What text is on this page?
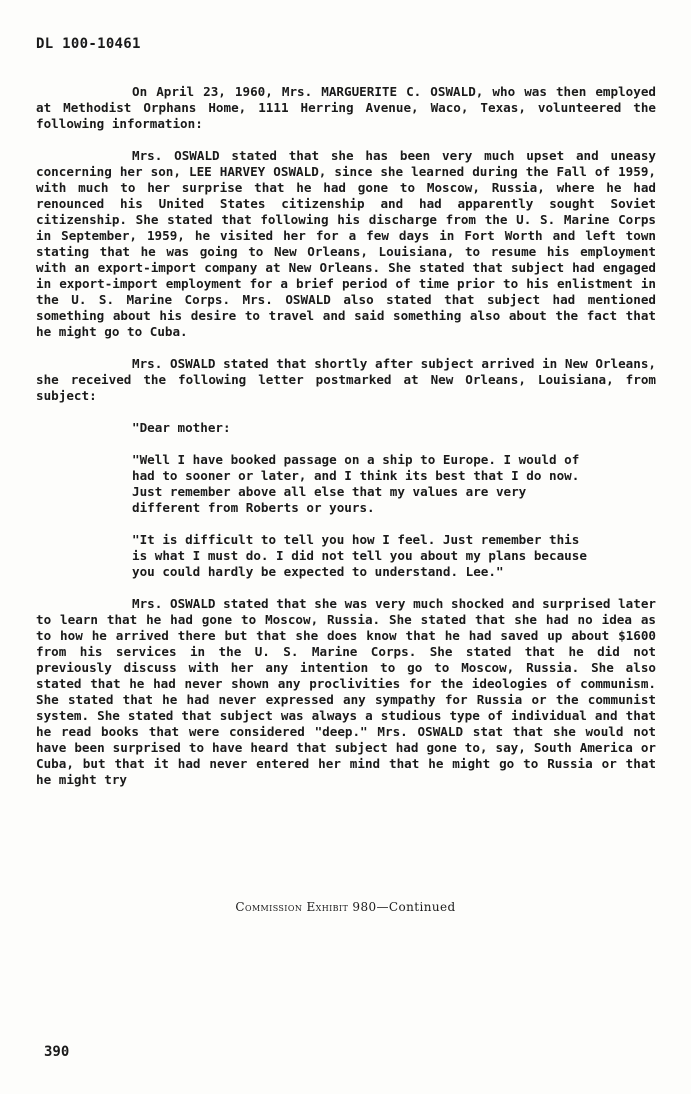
DL 100-10461

On April 23, 1960, Mrs. MARGUERITE C. OSWALD, who was then employed at Methodist Orphans Home, 1111 Herring Avenue, Waco, Texas, volunteered the following information:

Mrs. OSWALD stated that she has been very much upset and uneasy concerning her son, LEE HARVEY OSWALD, since she learned during the Fall of 1959, with much to her surprise that he had gone to Moscow, Russia, where he had renounced his United States citizenship and had apparently sought Soviet citizenship. She stated that following his discharge from the U. S. Marine Corps in September, 1959, he visited her for a few days in Fort Worth and left town stating that he was going to New Orleans, Louisiana, to resume his employment with an export-import company at New Orleans. She stated that subject had engaged in export-import employment for a brief period of time prior to his enlistment in the U. S. Marine Corps. Mrs. OSWALD also stated that subject had mentioned something about his desire to travel and said something also about the fact that he might go to Cuba.

Mrs. OSWALD stated that shortly after subject arrived in New Orleans, she received the following letter postmarked at New Orleans, Louisiana, from subject:

"Dear mother:

"Well I have booked passage on a ship to Europe. I would of had to sooner or later, and I think its best that I do now. Just remember above all else that my values are very different from Roberts or yours.

"It is difficult to tell you how I feel. Just remember this is what I must do. I did not tell you about my plans because you could hardly be expected to understand. Lee."

Mrs. OSWALD stated that she was very much shocked and surprised later to learn that he had gone to Moscow, Russia. She stated that she had no idea as to how he arrived there but that she does know that he had saved up about $1600 from his services in the U. S. Marine Corps. She stated that he did not previously discuss with her any intention to go to Moscow, Russia. She also stated that he had never shown any proclivities for the ideologies of communism. She stated that he had never expressed any sympathy for Russia or the communist system. She stated that subject was always a studious type of individual and that he read books that were considered "deep." Mrs. OSWALD stat that she would not have been surprised to have heard that subject had gone to, say, South America or Cuba, but that it had never entered her mind that he might go to Russia or that he might try

Commission Exhibit 980—Continued
390
